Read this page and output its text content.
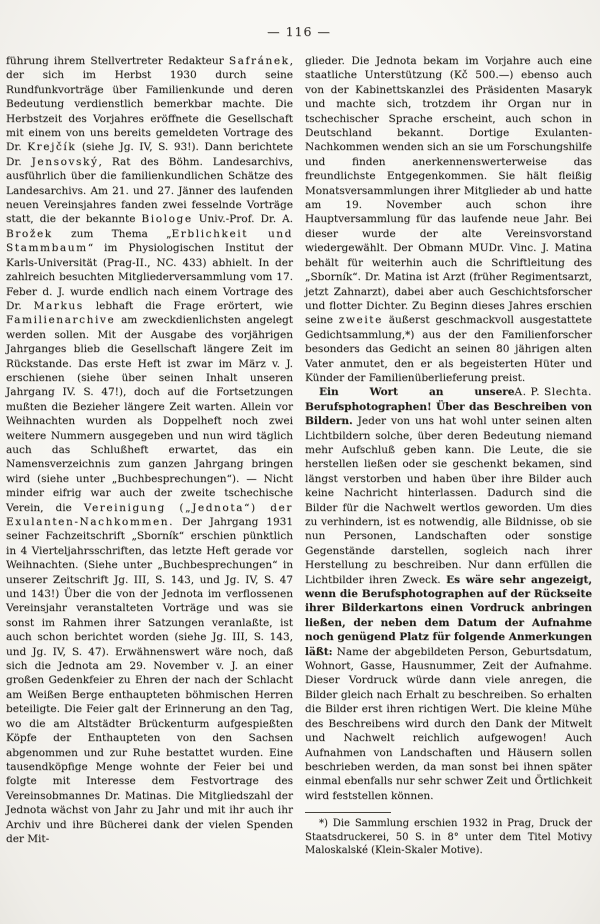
— 116 —

führung ihrem Stellvertreter Redakteur Safránek, der sich im Herbst 1930 durch seine Rundfunkvorträge über Familienkunde und deren Bedeutung verdienstlich bemerkbar machte. Die Herbstzeit des Vorjahres eröffnete die Gesellschaft mit einem von uns bereits gemeldeten Vortrage des Dr. Krejčík (siehe Jg. IV, S. 93!). Dann berichtete Dr. Jensovský, Rat des Böhm. Landesarchivs, ausführlich über die familienkundlichen Schätze des Landesarchivs. Am 21. und 27. Jänner des laufenden neuen Vereinsjahres fanden zwei fesselnde Vorträge statt, die der bekannte Biologe Univ.-Prof. Dr. A. Brožek zum Thema „Erblichkeit und Stammbaum“ im Physiologischen Institut der Karls-Universität (Prag-II., NC. 433) abhielt. In der zahlreich besuchten Mitgliederversammlung vom 17. Feber d. J. wurde endlich nach einem Vortrage des Dr. Markus lebhaft die Frage erörtert, wie Familienarchive am zweckdienlichsten angelegt werden sollen. Mit der Ausgabe des vorjährigen Jahrganges blieb die Gesellschaft längere Zeit im Rückstande. Das erste Heft ist zwar im März v. J. erschienen (siehe über seinen Inhalt unseren Jahrgang IV. S. 47!), doch auf die Fortsetzungen mußten die Bezieher längere Zeit warten. Allein vor Weihnachten wurden als Doppelheft noch zwei weitere Nummern ausgegeben und nun wird täglich auch das Schlußheft erwartet, das ein Namensverzeichnis zum ganzen Jahrgang bringen wird (siehe unter „Buchbesprechungen“). — Nicht minder eifrig war auch der zweite tschechische Verein, die Vereinigung („Jednota“) der Exulanten-Nachkommen. Der Jahrgang 1931 seiner Fachzeitschrift „Sborník“ erschien pünktlich in 4 Vierteljahrsschriften, das letzte Heft gerade vor Weihnachten. (Siehe unter „Buchbesprechungen“ in unserer Zeitschrift Jg. III, S. 143, und Jg. IV, S. 47 und 143!) Über die von der Jednota im verflossenen Vereinsjahr veranstalteten Vorträge und was sie sonst im Rahmen ihrer Satzungen veranlaßte, ist auch schon berichtet worden (siehe Jg. III, S. 143, und Jg. IV, S. 47). Erwähnenswert wäre noch, daß sich die Jednota am 29. November v. J. an einer großen Gedenkfeier zu Ehren der nach der Schlacht am Weißen Berge enthaupteten böhmischen Herren beteiligte. Die Feier galt der Erinnerung an den Tag, wo die am Altstädter Brückenturm aufgespießten Köpfe der Enthaupteten von den Sachsen abgenommen und zur Ruhe bestattet wurden. Eine tausendköpfige Menge wohnte der Feier bei und folgte mit Interesse dem Festvortrage des Vereinsobmannes Dr. Matinas. Die Mitgliedszahl der Jednota wächst von Jahr zu Jahr und mit ihr auch ihr Archiv und ihre Bücherei dank der vielen Spenden der Mit-

glieder. Die Jednota bekam im Vorjahre auch eine staatliche Unterstützung (Kč 500.—) ebenso auch von der Kabinettskanzlei des Präsidenten Masaryk und machte sich, trotzdem ihr Organ nur in tschechischer Sprache erscheint, auch schon in Deutschland bekannt. Dortige Exulanten-Nachkommen wenden sich an sie um Forschungshilfe und finden anerkennenswerterweise das freundlichste Entgegenkommen. Sie hält fleißig Monatsversammlungen ihrer Mitglieder ab und hatte am 19. November auch schon ihre Hauptversammlung für das laufende neue Jahr. Bei dieser wurde der alte Vereinsvorstand wiedergewählt. Der Obmann MUDr. Vinc. J. Matina behält für weiterhin auch die Schriftleitung des „Sborník“. Dr. Matina ist Arzt (früher Regimentsarzt, jetzt Zahnarzt), dabei aber auch Geschichtsforscher und flotter Dichter. Zu Beginn dieses Jahres erschien seine zweite äußerst geschmackvoll ausgestattete Gedichtsammlung,*) aus der den Familienforscher besonders das Gedicht an seinen 80 jährigen alten Vater anmutet, den er als begeisterten Hüter und Künder der Familienüberlieferung preist.
A. P. Slechta.

Ein Wort an unsere Berufsphotographen! Über das Beschreiben von Bildern. Jeder von uns hat wohl unter seinen alten Lichtbildern solche, über deren Bedeutung niemand mehr Aufschluß geben kann. Die Leute, die sie herstellen ließen oder sie geschenkt bekamen, sind längst verstorben und haben über ihre Bilder auch keine Nachricht hinterlassen. Dadurch sind die Bilder für die Nachwelt wertlos geworden. Um dies zu verhindern, ist es notwendig, alle Bildnisse, ob sie nun Personen, Landschaften oder sonstige Gegenstände darstellen, sogleich nach ihrer Herstellung zu beschreiben. Nur dann erfüllen die Lichtbilder ihren Zweck. Es wäre sehr angezeigt, wenn die Berufsphotographen auf der Rückseite ihrer Bilderkartons einen Vordruck anbringen ließen, der neben dem Datum der Aufnahme noch genügend Platz für folgende Anmerkungen läßt: Name der abgebildeten Person, Geburtsdatum, Wohnort, Gasse, Hausnummer, Zeit der Aufnahme. Dieser Vordruck würde dann viele anregen, die Bilder gleich nach Erhalt zu beschreiben. So erhalten die Bilder erst ihren richtigen Wert. Die kleine Mühe des Beschreibens wird durch den Dank der Mitwelt und Nachwelt reichlich aufgewogen! Auch Aufnahmen von Landschaften und Häusern sollen beschrieben werden, da man sonst bei ihnen später einmal ebenfalls nur sehr schwer Zeit und Örtlichkeit wird feststellen können.

*) Die Sammlung erschien 1932 in Prag, Druck der Staatsdruckerei, 50 S. in 8° unter dem Titel Motivy Maloskalské (Klein-Skaler Motive).
